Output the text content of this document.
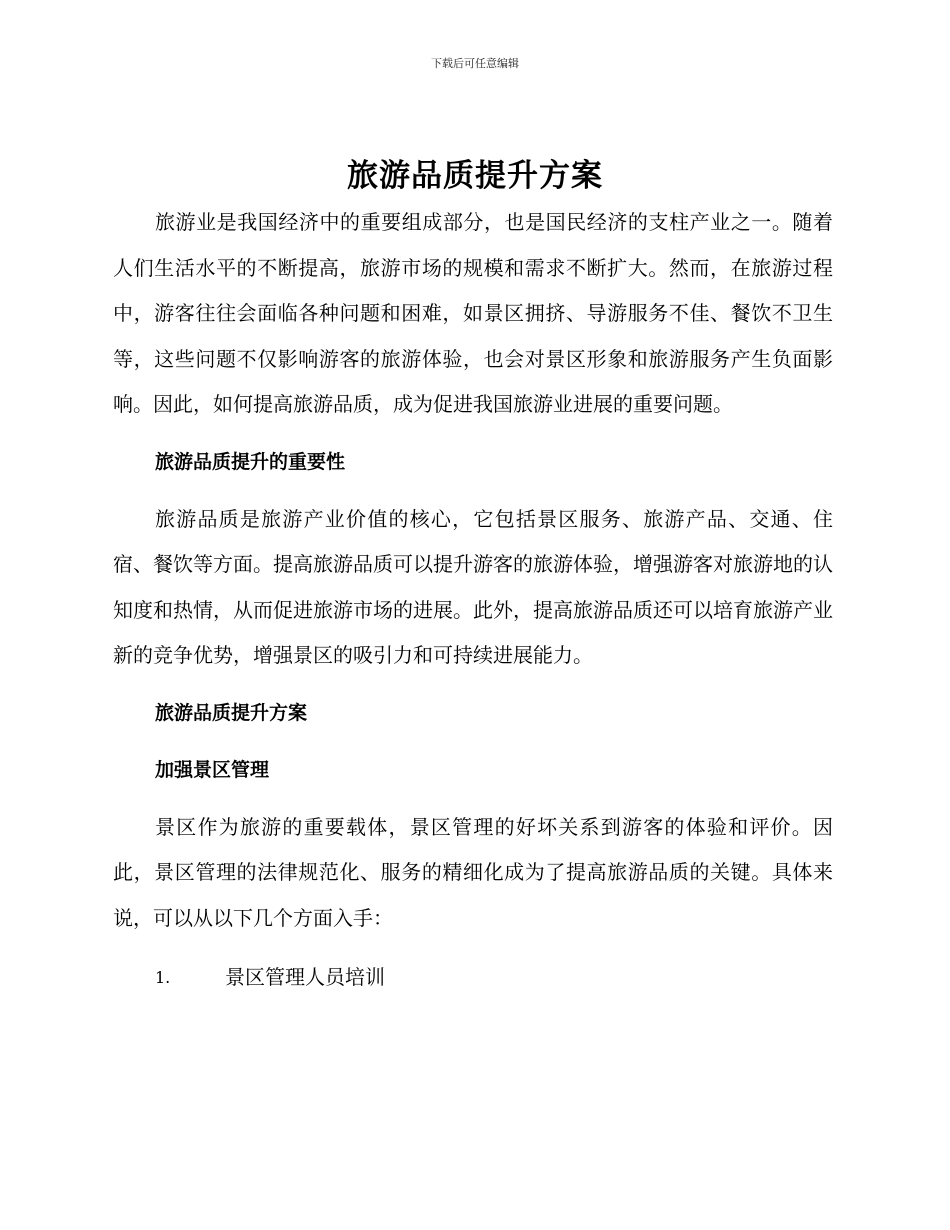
下载后可任意编辑
旅游品质提升方案

旅游业是我国经济中的重要组成部分，也是国民经济的支柱产业之一。随着人们生活水平的不断提高，旅游市场的规模和需求不断扩大。然而，在旅游过程中，游客往往会面临各种问题和困难，如景区拥挤、导游服务不佳、餐饮不卫生等，这些问题不仅影响游客的旅游体验，也会对景区形象和旅游服务产生负面影响。因此，如何提高旅游品质，成为促进我国旅游业进展的重要问题。

旅游品质提升的重要性

旅游品质是旅游产业价值的核心，它包括景区服务、旅游产品、交通、住宿、餐饮等方面。提高旅游品质可以提升游客的旅游体验，增强游客对旅游地的认知度和热情，从而促进旅游市场的进展。此外，提高旅游品质还可以培育旅游产业新的竞争优势，增强景区的吸引力和可持续进展能力。

旅游品质提升方案

加强景区管理

景区作为旅游的重要载体，景区管理的好坏关系到游客的体验和评价。因此，景区管理的法律规范化、服务的精细化成为了提高旅游品质的关键。具体来说，可以从以下几个方面入手：

1.	景区管理人员培训
